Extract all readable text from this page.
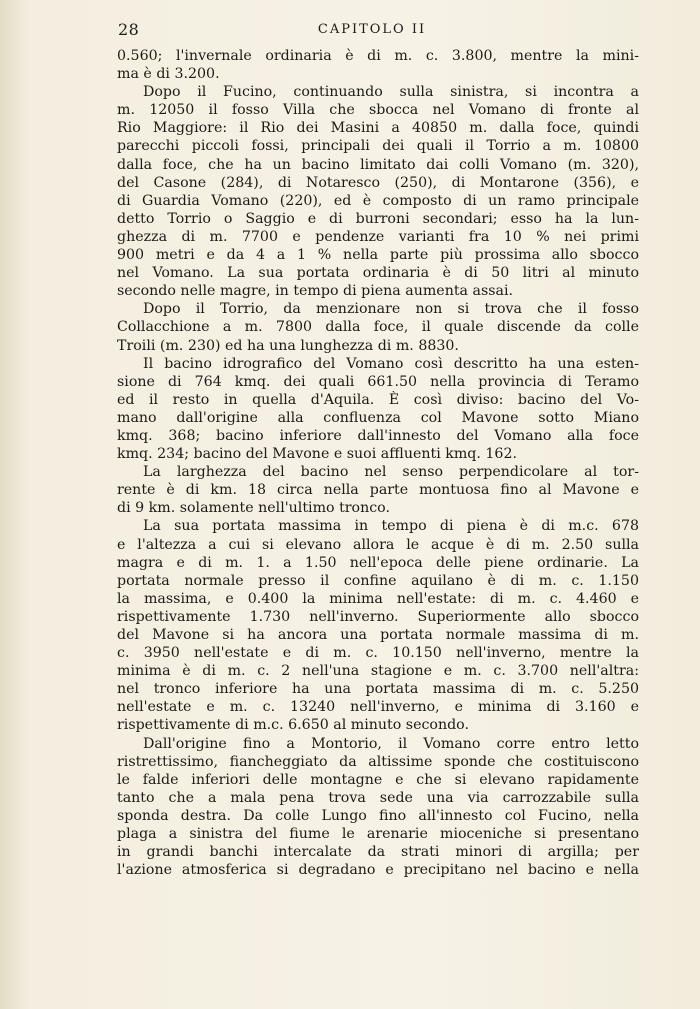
28	CAPITOLO II
0.560; l'invernale ordinaria è di m. c. 3.800, mentre la mini-
ma è di 3.200.
Dopo il Fucino, continuando sulla sinistra, si incontra a
m. 12050 il fosso Villa che sbocca nel Vomano di fronte al
Rio Maggiore: il Rio dei Masini a 40850 m. dalla foce, quindi
parecchi piccoli fossi, principali dei quali il Torrio a m. 10800
dalla foce, che ha un bacino limitato dai colli Vomano (m. 320),
del Casone (284), di Notaresco (250), di Montarone (356), e
di Guardia Vomano (220), ed è composto di un ramo principale
detto Torrio o Saggio e di burroni secondari; esso ha la lun-
ghezza di m. 7700 e pendenze varianti fra 10 % nei primi
900 metri e da 4 a 1 % nella parte più prossima allo sbocco
nel Vomano. La sua portata ordinaria è di 50 litri al minuto
secondo nelle magre, in tempo di piena aumenta assai.
Dopo il Torrio, da menzionare non si trova che il fosso
Collacchione a m. 7800 dalla foce, il quale discende da colle
Troili (m. 230) ed ha una lunghezza di m. 8830.
Il bacino idrografico del Vomano così descritto ha una esten-
sione di 764 kmq. dei quali 661.50 nella provincia di Teramo
ed il resto in quella d'Aquila. È così diviso: bacino del Vo-
mano dall'origine alla confluenza col Mavone sotto Miano
kmq. 368; bacino inferiore dall'innesto del Vomano alla foce
kmq. 234; bacino del Mavone e suoi affluenti kmq. 162.
La larghezza del bacino nel senso perpendicolare al tor-
rente è di km. 18 circa nella parte montuosa fino al Mavone e
di 9 km. solamente nell'ultimo tronco.
La sua portata massima in tempo di piena è di m.c. 678
e l'altezza a cui si elevano allora le acque è di m. 2.50 sulla
magra e di m. 1. a 1.50 nell'epoca delle piene ordinarie. La
portata normale presso il confine aquilano è di m. c. 1.150
la massima, e 0.400 la minima nell'estate: di m. c. 4.460 e
rispettivamente 1.730 nell'inverno. Superiormente allo sbocco
del Mavone si ha ancora una portata normale massima di m.
c. 3950 nell'estate e di m. c. 10.150 nell'inverno, mentre la
minima è di m. c. 2 nell'una stagione e m. c. 3.700 nell'altra:
nel tronco inferiore ha una portata massima di m. c. 5.250
nell'estate e m. c. 13240 nell'inverno, e minima di 3.160 e
rispettivamente di m.c. 6.650 al minuto secondo.
Dall'origine fino a Montorio, il Vomano corre entro letto
ristrettissimo, fiancheggiato da altissime sponde che costituiscono
le falde inferiori delle montagne e che si elevano rapidamente
tanto che a mala pena trova sede una via carrozzabile sulla
sponda destra. Da colle Lungo fino all'innesto col Fucino, nella
plaga a sinistra del fiume le arenarie mioceniche si presentano
in grandi banchi intercalate da strati minori di argilla; per
l'azione atmosferica si degradano e precipitano nel bacino e nella
